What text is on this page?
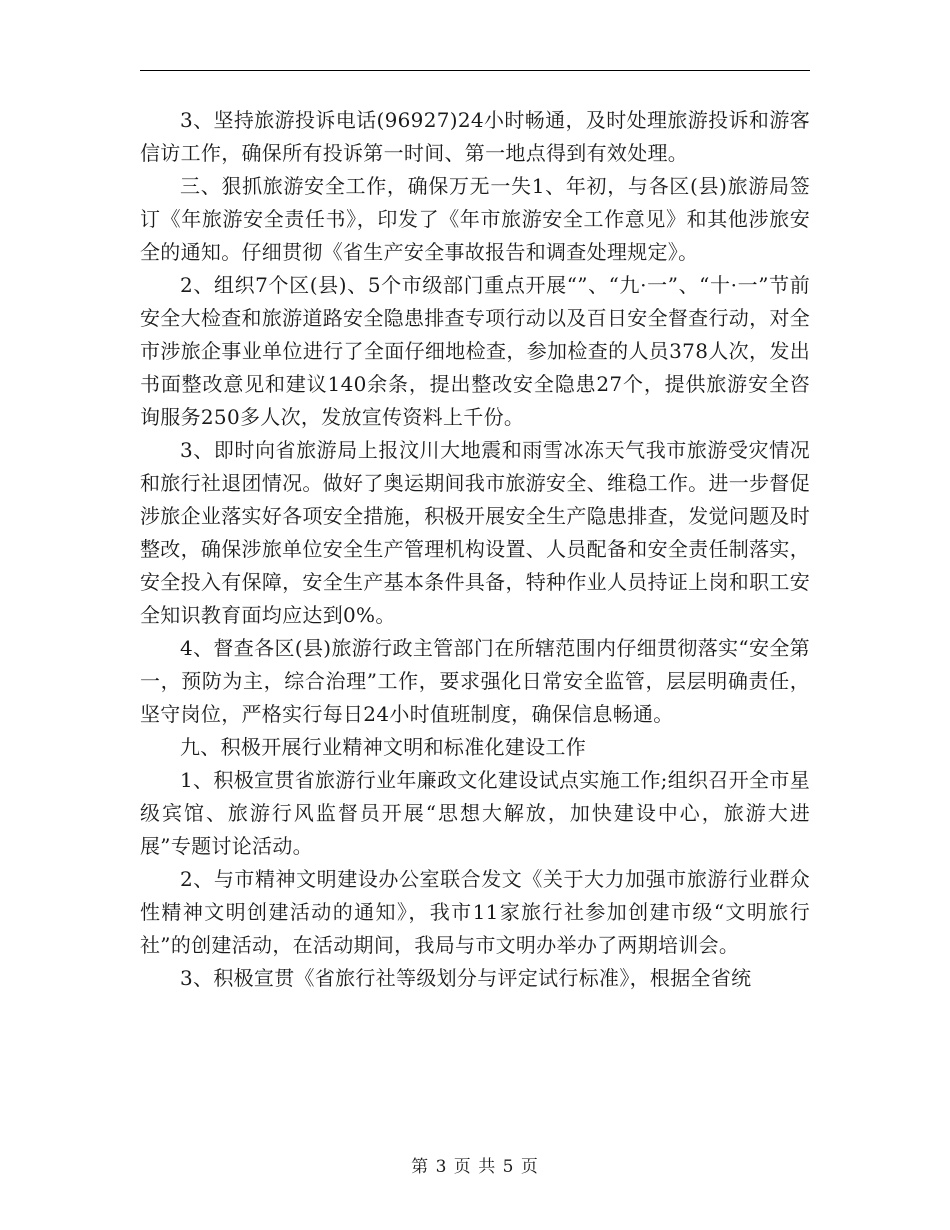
3、坚持旅游投诉电话(96927)24小时畅通，及时处理旅游投诉和游客信访工作，确保所有投诉第一时间、第一地点得到有效处理。

三、狠抓旅游安全工作，确保万无一失1、年初，与各区(县)旅游局签订《年旅游安全责任书》，印发了《年市旅游安全工作意见》和其他涉旅安全的通知。仔细贯彻《省生产安全事故报告和调查处理规定》。

2、组织7个区(县)、5个市级部门重点开展“”、“九·一”、“十·一”节前安全大检查和旅游道路安全隐患排查专项行动以及百日安全督查行动，对全市涉旅企事业单位进行了全面仔细地检查，参加检查的人员378人次，发出书面整改意见和建议140余条，提出整改安全隐患27个，提供旅游安全咨询服务250多人次，发放宣传资料上千份。

3、即时向省旅游局上报汶川大地震和雨雪冰冻天气我市旅游受灾情况和旅行社退团情况。做好了奥运期间我市旅游安全、维稳工作。进一步督促涉旅企业落实好各项安全措施，积极开展安全生产隐患排查，发觉问题及时整改，确保涉旅单位安全生产管理机构设置、人员配备和安全责任制落实，安全投入有保障，安全生产基本条件具备，特种作业人员持证上岗和职工安全知识教育面均应达到0%。

4、督查各区(县)旅游行政主管部门在所辖范围内仔细贯彻落实“安全第一，预防为主，综合治理”工作，要求强化日常安全监管，层层明确责任，坚守岗位，严格实行每日24小时值班制度，确保信息畅通。

九、积极开展行业精神文明和标准化建设工作

1、积极宣贯省旅游行业年廉政文化建设试点实施工作;组织召开全市星级宾馆、旅游行风监督员开展“思想大解放，加快建设中心，旅游大进展”专题讨论活动。

2、与市精神文明建设办公室联合发文《关于大力加强市旅游行业群众性精神文明创建活动的通知》，我市11家旅行社参加创建市级“文明旅行社”的创建活动，在活动期间，我局与市文明办举办了两期培训会。

3、积极宣贯《省旅行社等级划分与评定试行标准》，根据全省统

第 3 页 共 5 页
